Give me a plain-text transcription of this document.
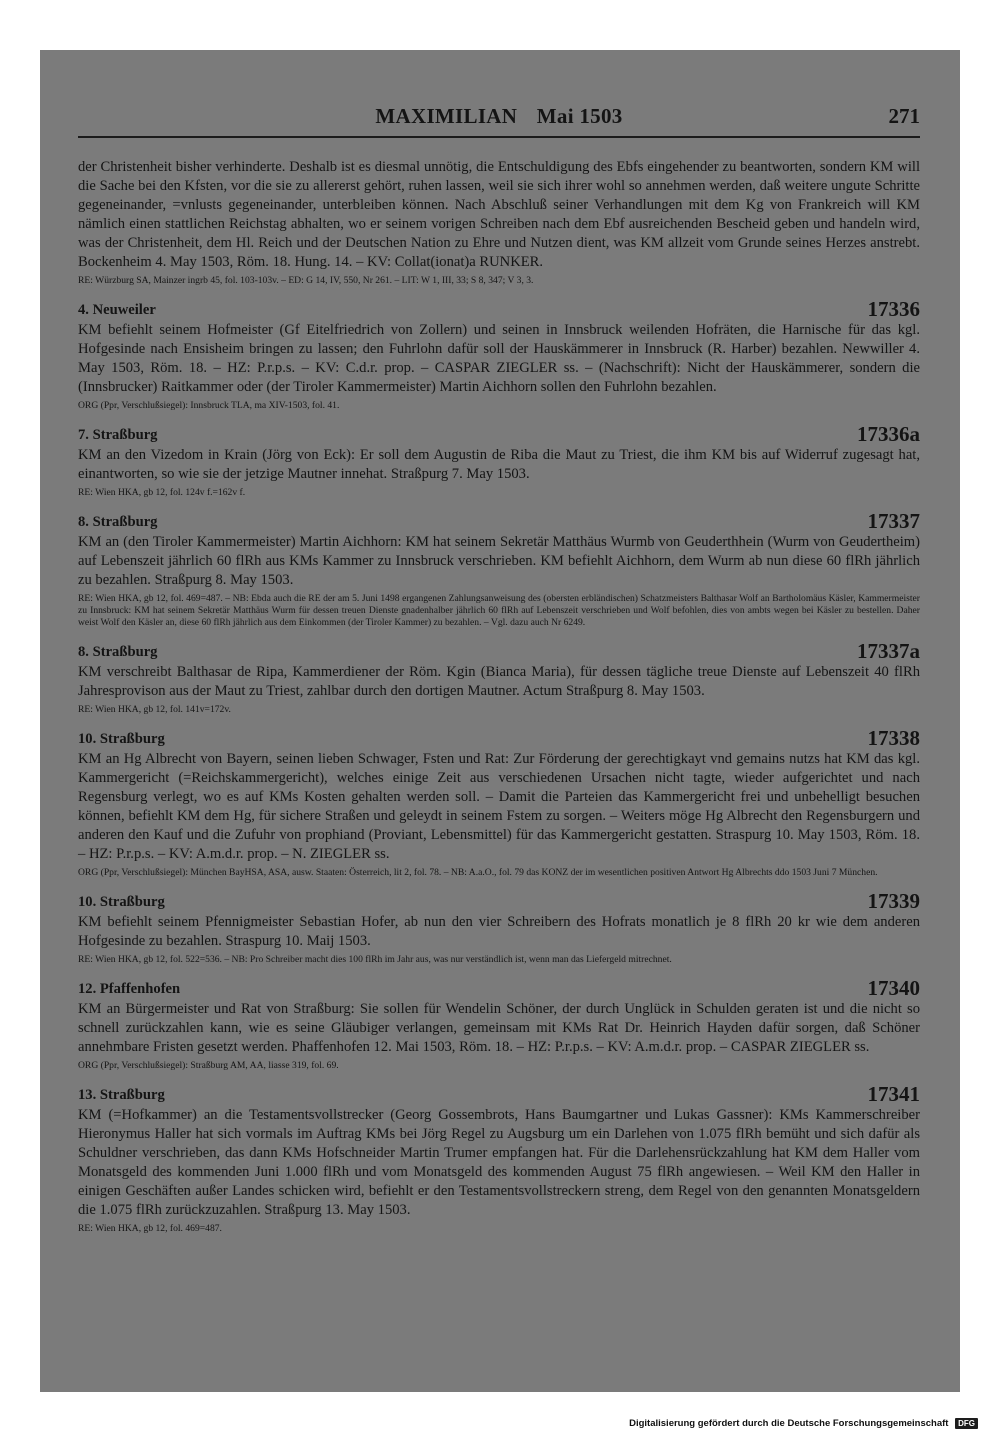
MAXIMILIAN Mai 1503	271

der Christenheit bisher verhinderte. Deshalb ist es diesmal unnötig, die Entschuldigung des Ebfs eingehender zu beantworten, sondern KM will die Sache bei den Kfsten, vor die sie zu allererst gehört, ruhen lassen, weil sie sich ihrer wohl so annehmen werden, daß weitere ungute Schritte gegeneinander, =vnlusts gegeneinander, unterbleiben können. Nach Abschluß seiner Verhandlungen mit dem Kg von Frankreich will KM nämlich einen stattlichen Reichstag abhalten, wo er seinem vorigen Schreiben nach dem Ebf ausreichenden Bescheid geben und handeln wird, was der Christenheit, dem Hl. Reich und der Deutschen Nation zu Ehre und Nutzen dient, was KM allzeit vom Grunde seines Herzes anstrebt. Bockenheim 4. May 1503, Röm. 18. Hung. 14. – KV: Collat(ionat)a RUNKER.

RE: Würzburg SA, Mainzer ingrb 45, fol. 103-103v. – ED: G 14, IV, 550, Nr 261. – LIT: W 1, III, 33; S 8, 347; V 3, 3.

4. Neuweiler	17336

KM befiehlt seinem Hofmeister (Gf Eitelfriedrich von Zollern) und seinen in Innsbruck weilenden Hofräten, die Harnische für das kgl. Hofgesinde nach Ensisheim bringen zu lassen; den Fuhrlohn dafür soll der Hauskämmerer in Innsbruck (R. Harber) bezahlen. Newwiller 4. May 1503, Röm. 18. – HZ: P.r.p.s. – KV: C.d.r. prop. – CASPAR ZIEGLER ss. – (Nachschrift): Nicht der Hauskämmerer, sondern die (Innsbrucker) Raitkammer oder (der Tiroler Kammermeister) Martin Aichhorn sollen den Fuhrlohn bezahlen.

ORG (Ppr, Verschlußsiegel): Innsbruck TLA, ma XIV-1503, fol. 41.

7. Straßburg	17336a

KM an den Vizedom in Krain (Jörg von Eck): Er soll dem Augustin de Riba die Maut zu Triest, die ihm KM bis auf Widerruf zugesagt hat, einantworten, so wie sie der jetzige Mautner innehat. Straßpurg 7. May 1503.

RE: Wien HKA, gb 12, fol. 124v f.=162v f.

8. Straßburg	17337

KM an (den Tiroler Kammermeister) Martin Aichhorn: KM hat seinem Sekretär Matthäus Wurmb von Geuderthhein (Wurm von Geudertheim) auf Lebenszeit jährlich 60 flRh aus KMs Kammer zu Innsbruck verschrieben. KM befiehlt Aichhorn, dem Wurm ab nun diese 60 flRh jährlich zu bezahlen. Straßpurg 8. May 1503.

RE: Wien HKA, gb 12, fol. 469=487. – NB: Ebda auch die RE der am 5. Juni 1498 ergangenen Zahlungsanweisung des (obersten erbländischen) Schatzmeisters Balthasar Wolf an Bartholomäus Käsler, Kammermeister zu Innsbruck: KM hat seinem Sekretär Matthäus Wurm für dessen treuen Dienste gnadenhalber jährlich 60 flRh auf Lebenszeit verschrieben und Wolf befohlen, dies von ambts wegen bei Käsler zu bestellen. Daher weist Wolf den Käsler an, diese 60 flRh jährlich aus dem Einkommen (der Tiroler Kammer) zu bezahlen. – Vgl. dazu auch Nr 6249.

8. Straßburg	17337a

KM verschreibt Balthasar de Ripa, Kammerdiener der Röm. Kgin (Bianca Maria), für dessen tägliche treue Dienste auf Lebenszeit 40 flRh Jahresprovison aus der Maut zu Triest, zahlbar durch den dortigen Mautner. Actum Straßpurg 8. May 1503.

RE: Wien HKA, gb 12, fol. 141v=172v.

10. Straßburg	17338

KM an Hg Albrecht von Bayern, seinen lieben Schwager, Fsten und Rat: Zur Förderung der gerechtigkayt vnd gemains nutzs hat KM das kgl. Kammergericht (=Reichskammergericht), welches einige Zeit aus verschiedenen Ursachen nicht tagte, wieder aufgerichtet und nach Regensburg verlegt, wo es auf KMs Kosten gehalten werden soll. – Damit die Parteien das Kammergericht frei und unbehelligt besuchen können, befiehlt KM dem Hg, für sichere Straßen und geleydt in seinem Fstem zu sorgen. – Weiters möge Hg Albrecht den Regensburgern und anderen den Kauf und die Zufuhr von prophiand (Proviant, Lebensmittel) für das Kammergericht gestatten. Straspurg 10. May 1503, Röm. 18. – HZ: P.r.p.s. – KV: A.m.d.r. prop. – N. ZIEGLER ss.

ORG (Ppr, Verschlußsiegel): München BayHSA, ASA, ausw. Staaten: Österreich, lit 2, fol. 78. – NB: A.a.O., fol. 79 das KONZ der im wesentlichen positiven Antwort Hg Albrechts ddo 1503 Juni 7 München.

10. Straßburg	17339

KM befiehlt seinem Pfennigmeister Sebastian Hofer, ab nun den vier Schreibern des Hofrats monatlich je 8 flRh 20 kr wie dem anderen Hofgesinde zu bezahlen. Straspurg 10. Maij 1503.

RE: Wien HKA, gb 12, fol. 522=536. – NB: Pro Schreiber macht dies 100 flRh im Jahr aus, was nur verständlich ist, wenn man das Liefergeld mitrechnet.

12. Pfaffenhofen	17340

KM an Bürgermeister und Rat von Straßburg: Sie sollen für Wendelin Schöner, der durch Unglück in Schulden geraten ist und die nicht so schnell zurückzahlen kann, wie es seine Gläubiger verlangen, gemeinsam mit KMs Rat Dr. Heinrich Hayden dafür sorgen, daß Schöner annehmbare Fristen gesetzt werden. Phaffenhofen 12. Mai 1503, Röm. 18. – HZ: P.r.p.s. – KV: A.m.d.r. prop. – CASPAR ZIEGLER ss.

ORG (Ppr, Verschlußsiegel): Straßburg AM, AA, liasse 319, fol. 69.

13. Straßburg	17341

KM (=Hofkammer) an die Testamentsvollstrecker (Georg Gossembrots, Hans Baumgartner und Lukas Gassner): KMs Kammerschreiber Hieronymus Haller hat sich vormals im Auftrag KMs bei Jörg Regel zu Augsburg um ein Darlehen von 1.075 flRh bemüht und sich dafür als Schuldner verschrieben, das dann KMs Hofschneider Martin Trumer empfangen hat. Für die Darlehensrückzahlung hat KM dem Haller vom Monatsgeld des kommenden Juni 1.000 flRh und vom Monatsgeld des kommenden August 75 flRh angewiesen. – Weil KM den Haller in einigen Geschäften außer Landes schicken wird, befiehlt er den Testamentsvollstreckern streng, dem Regel von den genannten Monatsgeldern die 1.075 flRh zurückzuzahlen. Straßpurg 13. May 1503.

RE: Wien HKA, gb 12, fol. 469=487.

Digitalisierung gefördert durch die Deutsche Forschungsgemeinschaft DFG
